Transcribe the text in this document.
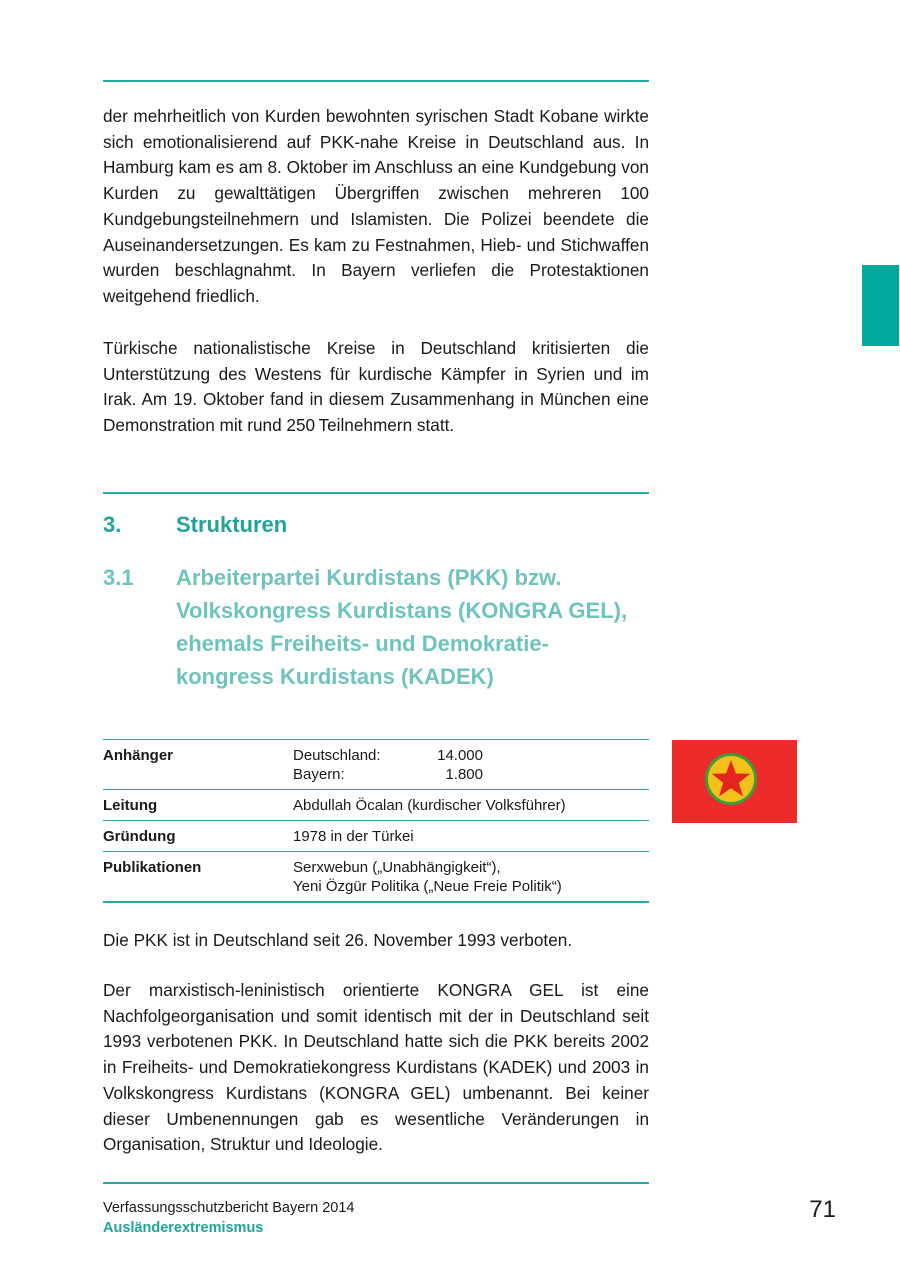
der mehrheitlich von Kurden bewohnten syrischen Stadt Kobane wirkte sich emotionalisierend auf PKK-nahe Kreise in Deutschland aus. In Hamburg kam es am 8. Oktober im Anschluss an eine Kundgebung von Kurden zu gewalttätigen Übergriffen zwischen mehreren 100 Kundgebungsteilnehmern und Islamisten. Die Polizei beendete die Auseinandersetzungen. Es kam zu Festnahmen, Hieb- und Stichwaffen wurden beschlagnahmt. In Bayern verliefen die Protestaktionen weitgehend friedlich.

Türkische nationalistische Kreise in Deutschland kritisierten die Unterstützung des Westens für kurdische Kämpfer in Syrien und im Irak. Am 19. Oktober fand in diesem Zusammenhang in München eine Demonstration mit rund 250 Teilnehmern statt.

3. Strukturen
3.1 Arbeiterpartei Kurdistans (PKK) bzw.
Volkskongress Kurdistans (KONGRA GEL),
ehemals Freiheits- und Demokratie-
kongress Kurdistans (KADEK)
Anhänger	Deutschland:	14.000
Bayern:	1.800
Leitung	Abdullah Öcalan (kurdischer Volksführer)
Gründung	1978 in der Türkei
Publikationen	Serxwebun („Unabhängigkeit“),
Yeni Özgür Politika („Neue Freie Politik“)

Die PKK ist in Deutschland seit 26. November 1993 verboten.

Der marxistisch-leninistisch orientierte KONGRA GEL ist eine Nachfolgeorganisation und somit identisch mit der in Deutschland seit 1993 verbotenen PKK. In Deutschland hatte sich die PKK bereits 2002 in Freiheits- und Demokratiekongress Kurdistans (KADEK) und 2003 in Volkskongress Kurdistans (KONGRA GEL) umbenannt. Bei keiner dieser Umbenennungen gab es wesentliche Veränderungen in Organisation, Struktur und Ideologie.

Verfassungsschutzbericht Bayern 2014

Ausländerextremismus

71
